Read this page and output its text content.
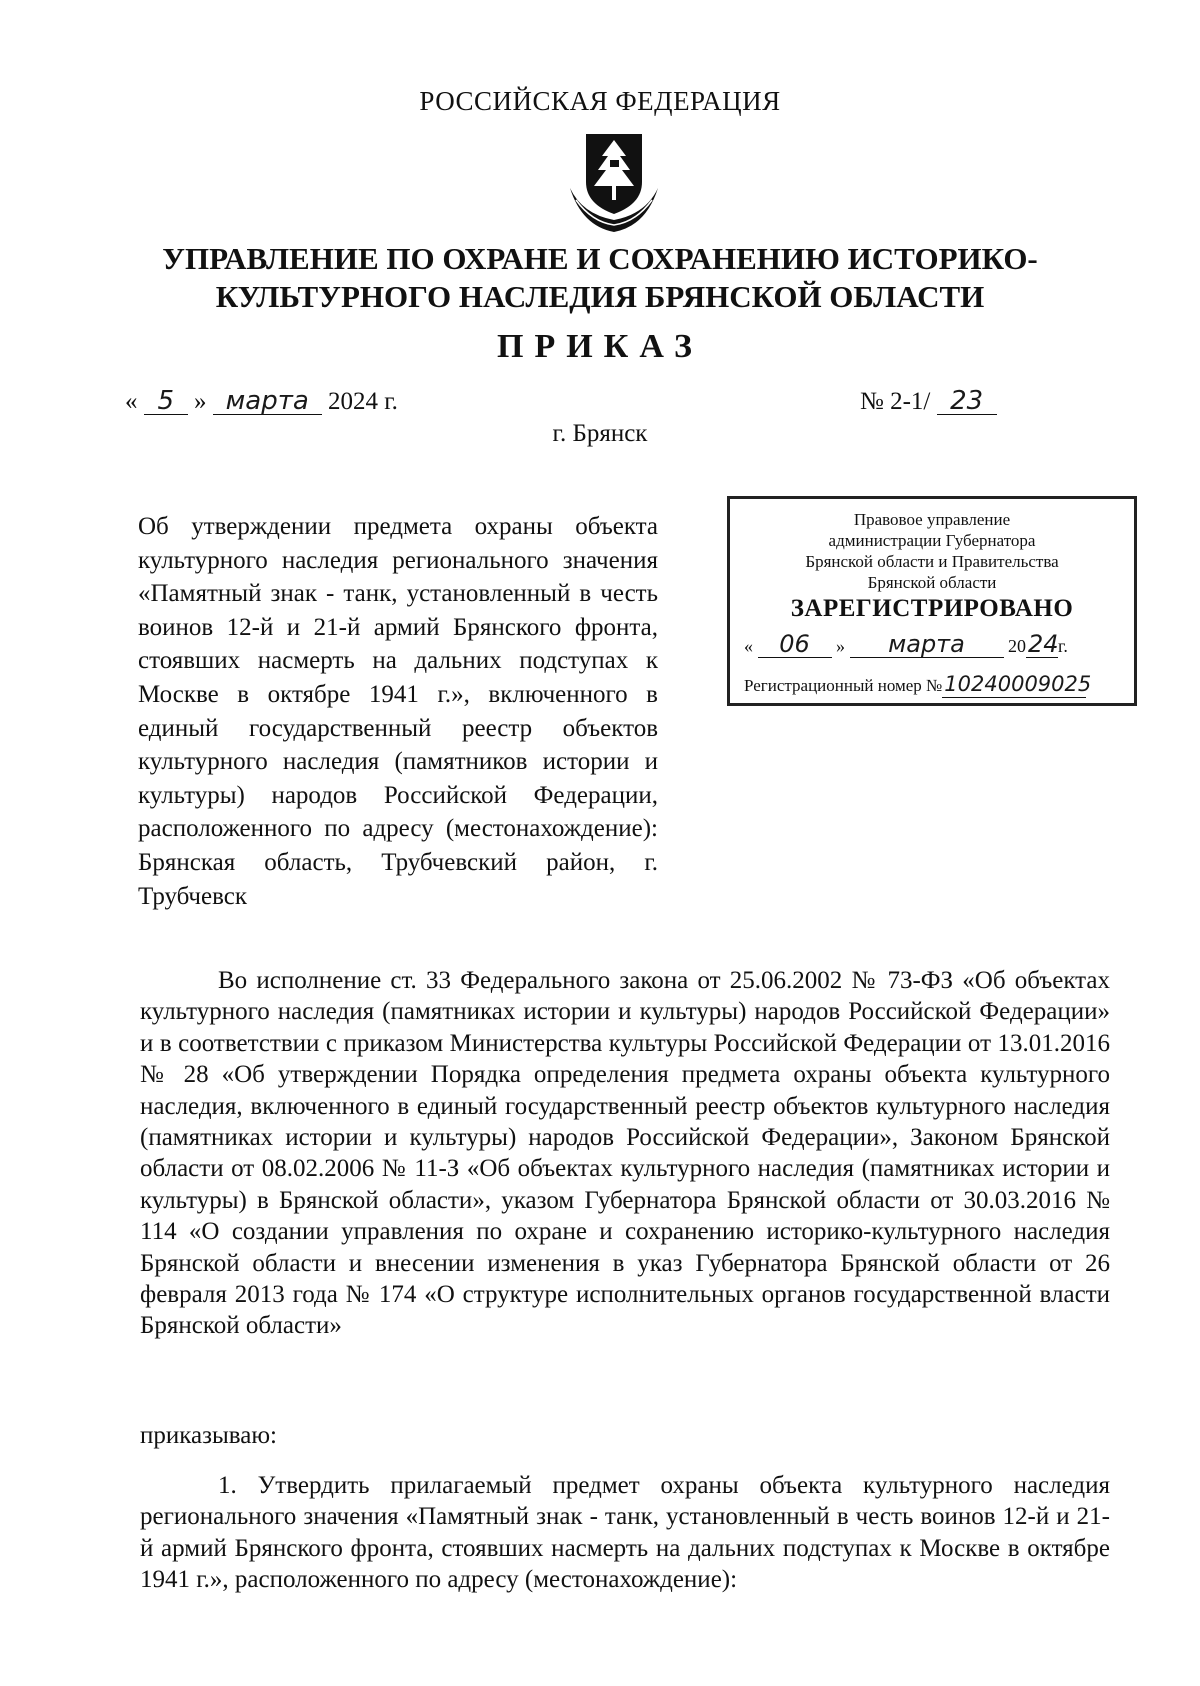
РОССИЙСКАЯ ФЕДЕРАЦИЯ
УПРАВЛЕНИЕ ПО ОХРАНЕ И СОХРАНЕНИЮ ИСТОРИКО-
КУЛЬТУРНОГО НАСЛЕДИЯ БРЯНСКОЙ ОБЛАСТИ
ПРИКАЗ
« 5 » марта 2024 г.	№ 2-1/ 23
г. Брянск
Об утверждении предмета охраны объекта культурного наследия регионального значения «Памятный знак - танк, установленный в честь воинов 12-й и 21-й армий Брянского фронта, стоявших насмерть на дальних подступах к Москве в октябре 1941 г.», включенного в единый государственный реестр объектов культурного наследия (памятников истории и культуры) народов Российской Федерации, расположенного по адресу (местонахождение): Брянская область, Трубчевский район, г. Трубчевск
Правовое управление
администрации Губернатора
Брянской области и Правительства
Брянской области
ЗАРЕГИСТРИРОВАНО
« 06 » марта 2024г.
Регистрационный номер №10240009025
Во исполнение ст. 33 Федерального закона от 25.06.2002 № 73-ФЗ «Об объектах культурного наследия (памятниках истории и культуры) народов Российской Федерации» и в соответствии с приказом Министерства культуры Российской Федерации от 13.01.2016 № 28 «Об утверждении Порядка определения предмета охраны объекта культурного наследия, включенного в единый государственный реестр объектов культурного наследия (памятниках истории и культуры) народов Российской Федерации», Законом Брянской области от 08.02.2006 № 11-З «Об объектах культурного наследия (памятниках истории и культуры) в Брянской области», указом Губернатора Брянской области от 30.03.2016 № 114 «О создании управления по охране и сохранению историко-культурного наследия Брянской области и внесении изменения в указ Губернатора Брянской области от 26 февраля 2013 года № 174 «О структуре исполнительных органов государственной власти Брянской области»
приказываю:
1. Утвердить прилагаемый предмет охраны объекта культурного наследия регионального значения «Памятный знак - танк, установленный в честь воинов 12-й и 21-й армий Брянского фронта, стоявших насмерть на дальних подступах к Москве в октябре 1941 г.», расположенного по адресу (местонахождение):
